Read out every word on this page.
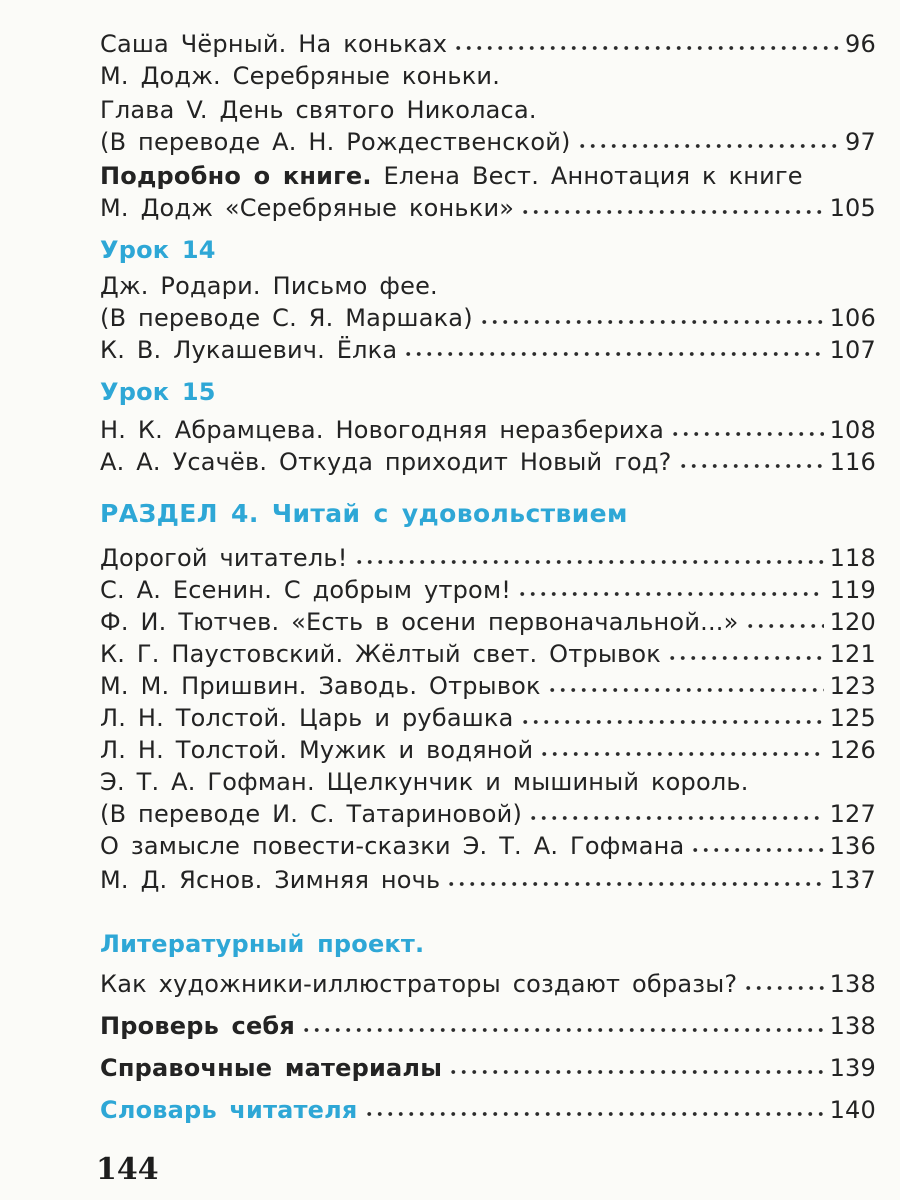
Саша Чёрный. На коньках	96
М. Додж. Серебряные коньки.
Глава V. День святого Николаса.
(В переводе А. Н. Рождественской)	97
Подробно о книге. Елена Вест. Аннотация к книге
М. Додж «Серебряные коньки»	105
Урок 14
Дж. Родари. Письмо фее.
(В переводе С. Я. Маршака)	106
К. В. Лукашевич. Ёлка	107
Урок 15
Н. К. Абрамцева. Новогодняя неразбериха	108
А. А. Усачёв. Откуда приходит Новый год?	116
РАЗДЕЛ 4. Читай с удовольствием
Дорогой читатель!	118
С. А. Есенин. С добрым утром!	119
Ф. И. Тютчев. «Есть в осени первоначальной...»	120
К. Г. Паустовский. Жёлтый свет. Отрывок	121
М. М. Пришвин. Заводь. Отрывок	123
Л. Н. Толстой. Царь и рубашка	125
Л. Н. Толстой. Мужик и водяной	126
Э. Т. А. Гофман. Щелкунчик и мышиный король.
(В переводе И. С. Татариновой)	127
О замысле повести-сказки Э. Т. А. Гофмана	136
М. Д. Яснов. Зимняя ночь	137
Литературный проект.
Как художники-иллюстраторы создают образы?	138
Проверь себя	138
Справочные материалы	139
Словарь читателя	140
144
